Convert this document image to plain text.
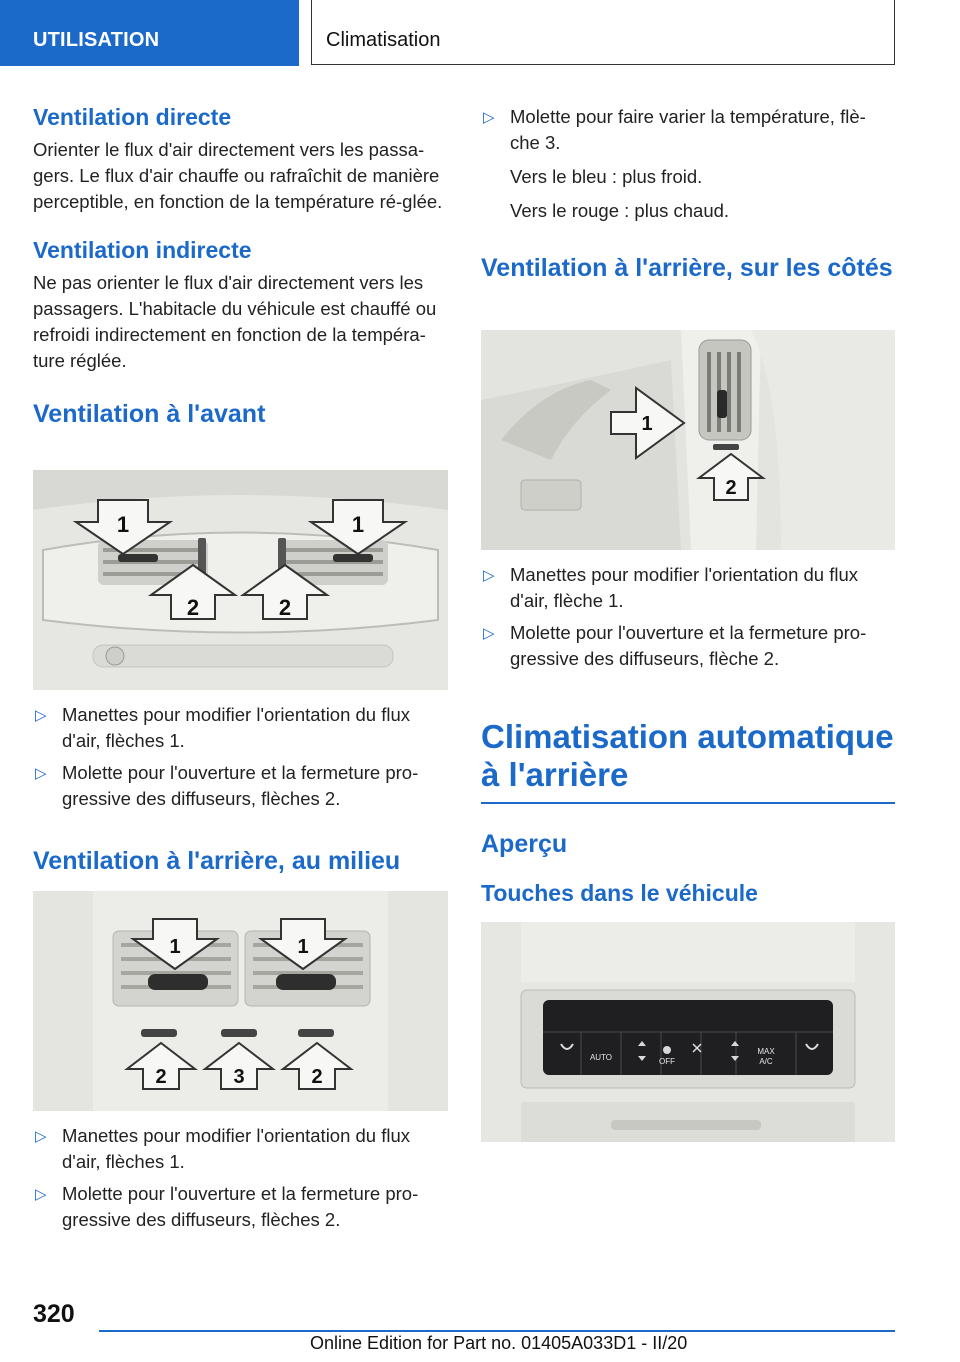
UTILISATION	Climatisation
Ventilation directe

Orienter le flux d'air directement vers les passa-gers. Le flux d'air chauffe ou rafraîchit de manière perceptible, en fonction de la température ré-glée.

Ventilation indirecte

Ne pas orienter le flux d'air directement vers les passagers. L'habitacle du véhicule est chauffé ou refroidi indirectement en fonction de la tempéra-ture réglée.

Ventilation à l'avant
1	1
2	2
▷ Manettes pour modifier l'orientation du flux d'air, flèches 1.
▷ Molette pour l'ouverture et la fermeture pro-gressive des diffuseurs, flèches 2.
Ventilation à l'arrière, au milieu
1	1
2	3	2
▷ Manettes pour modifier l'orientation du flux d'air, flèches 1.
▷ Molette pour l'ouverture et la fermeture pro-gressive des diffuseurs, flèches 2.
▷ Molette pour faire varier la température, flè-che 3.

Vers le bleu : plus froid.

Vers le rouge : plus chaud.

Ventilation à l'arrière, sur les côtés
1
2
▷ Manettes pour modifier l'orientation du flux d'air, flèche 1.
▷ Molette pour l'ouverture et la fermeture pro-gressive des diffuseurs, flèche 2.
Climatisation automatique à l'arrière
Aperçu
Touches dans le véhicule
AUTO	OFF
MAX
A/C
320
Online Edition for Part no. 01405A033D1 - II/20
